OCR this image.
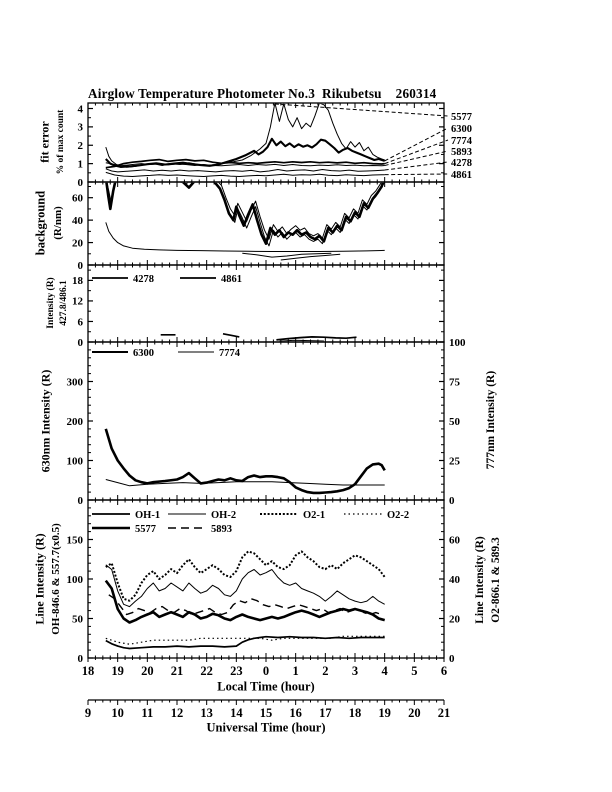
Airglow Temperature Photometer No.3  Rikubetsu    260314
0
1
2
3
4
0
20
40
60
0
6
12
18	4278	4861
0
100
200
300
0
25
50
75
100
6300	7774
0
50
100
150
0
20
40
60
OH-1	OH-2	O2-1	O2-2
5577	5893
5577
6300
7774
5893
4278
4861
18 19 20 21 22 23 0 1 2 3 4 5 6
9 10 11 12 13 14 15 16 17 18 19 20 21
fit error % of max count
background (R/nm)
Intensity (R) 427.8/486.1
630nm Intensity (R)	777nm Intensity (R)
Line Intensity (R) OH-846.6 & 557.7(x0.5)	Line Intensity (R) O2-866.1 & 589.3
Local Time (hour)
Universal Time (hour)
